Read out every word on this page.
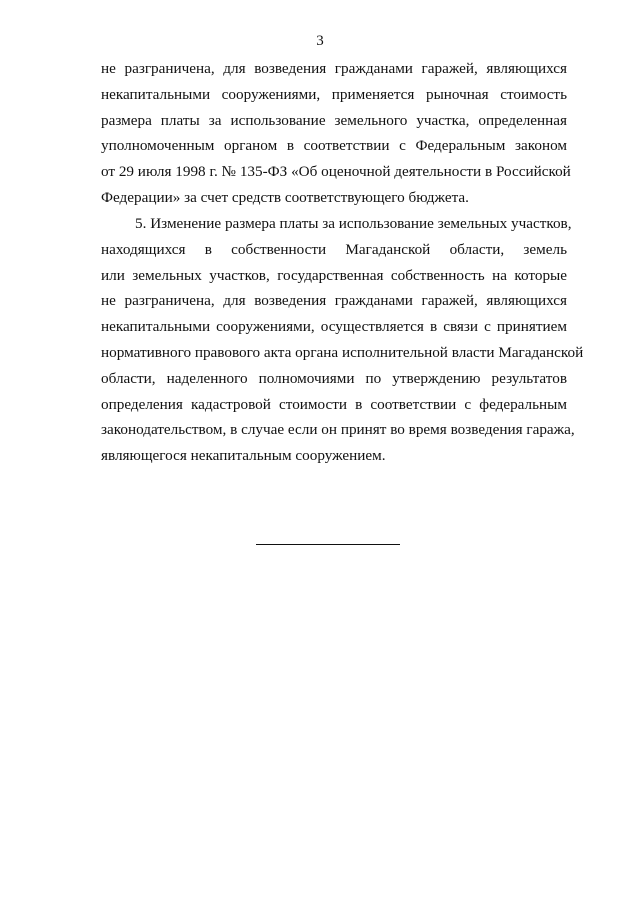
3
не разграничена, для возведения гражданами гаражей, являющихся
некапитальными сооружениями, применяется рыночная стоимость
размера платы за использование земельного участка, определенная
уполномоченным органом в соответствии с Федеральным законом
от 29 июля 1998 г. № 135-ФЗ «Об оценочной деятельности в Российской
Федерации» за счет средств соответствующего бюджета.
5. Изменение размера платы за использование земельных участков,
находящихся в собственности Магаданской области, земель
или земельных участков, государственная собственность на которые
не разграничена, для возведения гражданами гаражей, являющихся
некапитальными сооружениями, осуществляется в связи с принятием
нормативного правового акта органа исполнительной власти Магаданской
области, наделенного полномочиями по утверждению результатов
определения кадастровой стоимости в соответствии с федеральным
законодательством, в случае если он принят во время возведения гаража,
являющегося некапитальным сооружением.
